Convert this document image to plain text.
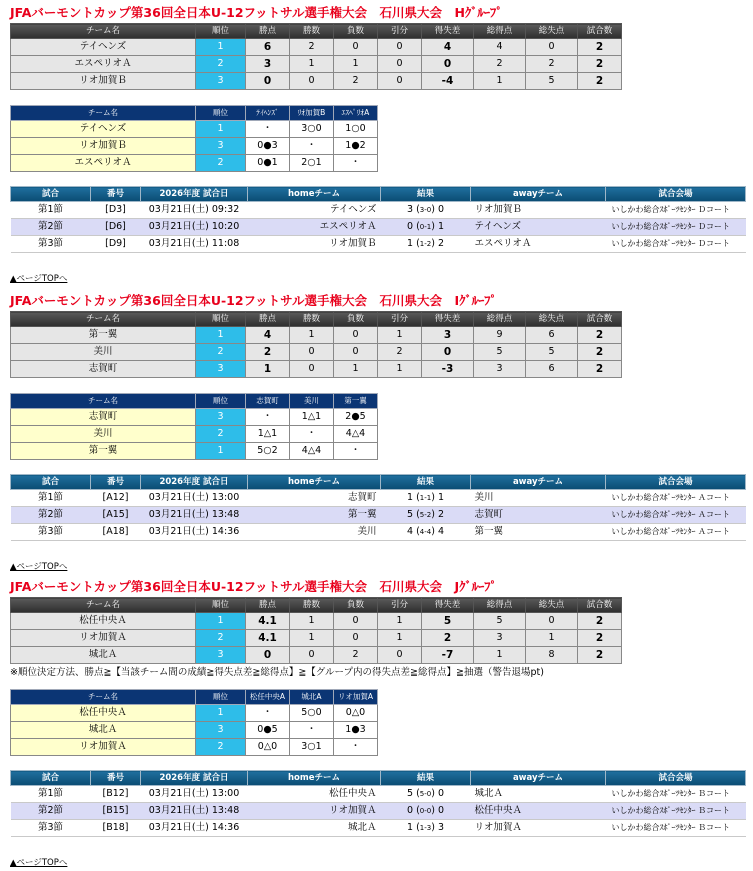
JFAバーモントカップ第36回全日本U-12フットサル選手権大会　石川県大会　Hｸﾞﾙｰﾌﾟ
チーム名	順位	勝点	勝数	負数	引分	得失差	総得点	総失点	試合数
テイヘンズ	1	6	2	0	0	4	4	0	2
エスペリオＡ	2	3	1	1	0	0	2	2	2
リオ加賀Ｂ	3	0	0	2	0	-4	1	5	2
チーム名	順位	ﾃｲﾍﾝｽﾞ	ﾘｵ加賀B	ｴｽﾍﾟﾘｵA
テイヘンズ	1	・	3○0	1○0
リオ加賀Ｂ	3	0●3	・	1●2
エスペリオＡ	2	0●1	2○1	・
試合	番号	2026年度 試合日	homeチーム	結果	awayチーム	試合会場
第1節	[D3]	03月21日(土) 09:32	テイヘンズ	3 (3-0) 0	リオ加賀Ｂ	いしかわ総合ｽﾎﾟｰﾂｾﾝﾀｰ Ｄコート
第2節	[D6]	03月21日(土) 10:20	エスペリオＡ	0 (0-1) 1	テイヘンズ	いしかわ総合ｽﾎﾟｰﾂｾﾝﾀｰ Ｄコート
第3節	[D9]	03月21日(土) 11:08	リオ加賀Ｂ	1 (1-2) 2	エスペリオＡ	いしかわ総合ｽﾎﾟｰﾂｾﾝﾀｰ Ｄコート
▲ページTOPへ
JFAバーモントカップ第36回全日本U-12フットサル選手権大会　石川県大会　Iｸﾞﾙｰﾌﾟ
チーム名	順位	勝点	勝数	負数	引分	得失差	総得点	総失点	試合数
第一翼	1	4	1	0	1	3	9	6	2
美川	2	2	0	0	2	0	5	5	2
志賀町	3	1	0	1	1	-3	3	6	2
チーム名	順位	志賀町	美川	第一翼
志賀町	3	・	1△1	2●5
美川	2	1△1	・	4△4
第一翼	1	5○2	4△4	・
試合	番号	2026年度 試合日	homeチーム	結果	awayチーム	試合会場
第1節	[A12]	03月21日(土) 13:00	志賀町	1 (1-1) 1	美川	いしかわ総合ｽﾎﾟｰﾂｾﾝﾀｰ Ａコート
第2節	[A15]	03月21日(土) 13:48	第一翼	5 (5-2) 2	志賀町	いしかわ総合ｽﾎﾟｰﾂｾﾝﾀｰ Ａコート
第3節	[A18]	03月21日(土) 14:36	美川	4 (4-4) 4	第一翼	いしかわ総合ｽﾎﾟｰﾂｾﾝﾀｰ Ａコート
▲ページTOPへ
JFAバーモントカップ第36回全日本U-12フットサル選手権大会　石川県大会　Jｸﾞﾙｰﾌﾟ
チーム名	順位	勝点	勝数	負数	引分	得失差	総得点	総失点	試合数
松任中央Ａ	1	4.1	1	0	1	5	5	0	2
リオ加賀Ａ	2	4.1	1	0	1	2	3	1	2
城北Ａ	3	0	0	2	0	-7	1	8	2
※順位決定方法、勝点≧【当該チーム間の成績≧得失点差≧総得点】≧【グループ内の得失点差≧総得点】≧抽選（警告退場pt)
チーム名	順位	松任中央A	城北A	リオ加賀A
松任中央Ａ	1	・	5○0	0△0
城北Ａ	3	0●5	・	1●3
リオ加賀Ａ	2	0△0	3○1	・
試合	番号	2026年度 試合日	homeチーム	結果	awayチーム	試合会場
第1節	[B12]	03月21日(土) 13:00	松任中央Ａ	5 (5-0) 0	城北Ａ	いしかわ総合ｽﾎﾟｰﾂｾﾝﾀｰ Ｂコート
第2節	[B15]	03月21日(土) 13:48	リオ加賀Ａ	0 (0-0) 0	松任中央Ａ	いしかわ総合ｽﾎﾟｰﾂｾﾝﾀｰ Ｂコート
第3節	[B18]	03月21日(土) 14:36	城北Ａ	1 (1-3) 3	リオ加賀Ａ	いしかわ総合ｽﾎﾟｰﾂｾﾝﾀｰ Ｂコート
▲ページTOPへ
